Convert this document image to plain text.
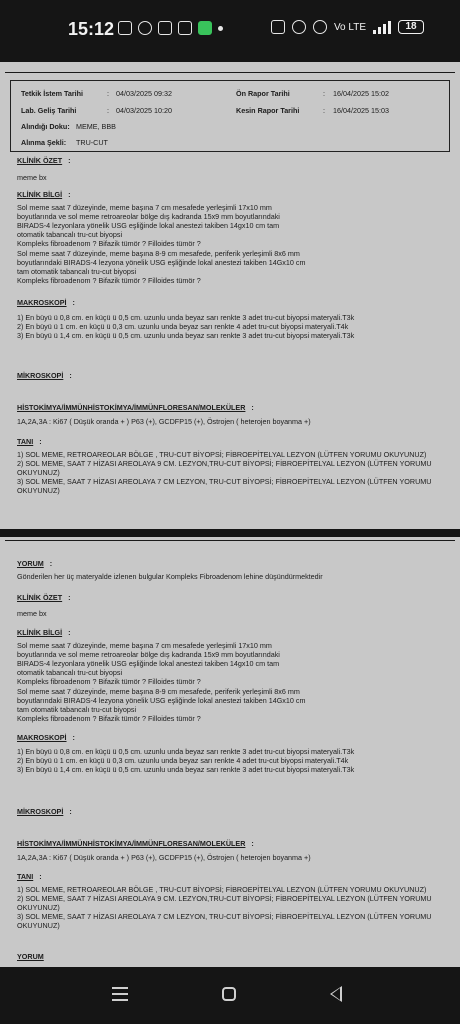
15:12	Vo LTE	18
Tetkik İstem Tarihi	: 04/03/2025 09:32	Ön Rapor Tarihi	: 16/04/2025 15:02
Lab. Geliş Tarihi	: 04/03/2025 10:20	Kesin Rapor Tarihi	: 16/04/2025 15:03
Alındığı Doku: MEME, BBB
Alınma Şekli: TRU-CUT
KLİNİK ÖZET :
meme bx
KLİNİK BİLGİ :
Sol meme saat 7 düzeyinde, meme başına 7 cm mesafede yerleşimli 17x10 mm
boyutlarında ve sol meme retroareolar bölge dış kadranda 15x9 mm boyutlarındaki
BIRADS-4 lezyonlara yönelik USG eşliğinde lokal anestezi takiben 14gx10 cm tam
otomatik tabancalı tru-cut biyopsi
Kompleks fibroadenom ? Bifazik tümör ? Filloides tümör ?
Sol meme saat 7 düzeyinde, meme başına 8-9 cm mesafede, periferik yerleşimli 8x6 mm
boyutlarındaki BIRADS-4 lezyona yönelik USG eşliğinde lokal anestezi takiben 14Gx10 cm
tam otomatik tabancalı tru-cut biyopsi
Kompleks fibroadenom ? Bifazik tümör ? Filloides tümör ?
MAKROSKOPİ :
1) En büyü ü 0,8 cm. en küçü ü 0,5 cm. uzunlu unda beyaz sarı renkte 3 adet tru-cut biyopsi materyali.T3k
2) En büyü ü 1 cm. en küçü ü 0,3 cm. uzunlu unda beyaz sarı renkte 4 adet tru-cut biyopsi materyali.T4k
3) En büyü ü 1,4 cm. en küçü ü 0,5 cm. uzunlu unda beyaz sarı renkte 3 adet tru-cut biyopsi materyali.T3k
MİKROSKOPİ :
HİSTOKİMYA/İMMÜNHİSTOKİMYA/İMMÜNFLORESAN/MOLEKÜLER :
1A,2A,3A : Ki67 ( Düşük oranda + ) P63 (+), GCDFP15 (+), Östrojen ( heterojen boyanma +)
TANI :
1) SOL MEME, RETROAREOLAR BÖLGE , TRU-CUT BİYOPSİ; FİBROEPİTELYAL LEZYON (LÜTFEN YORUMU OKUYUNUZ)
2) SOL MEME, SAAT 7 HİZASI AREOLAYA 9 CM. LEZYON,TRU-CUT BİYOPSİ; FİBROEPİTELYAL LEZYON (LÜTFEN YORUMU OKUYUNUZ)
3) SOL MEME, SAAT 7 HİZASI AREOLAYA 7 CM LEZYON, TRU-CUT BİYOPSİ; FİBROEPİTELYAL LEZYON (LÜTFEN YORUMU OKUYUNUZ)
YORUM :
Gönderilen her üç materyalde izlenen bulgular Kompleks Fibroadenom lehine düşündürmektedir
KLİNİK ÖZET :
meme bx
KLİNİK BİLGİ :
Sol meme saat 7 düzeyinde, meme başına 7 cm mesafede yerleşimli 17x10 mm
boyutlarında ve sol meme retroareolar bölge dış kadranda 15x9 mm boyutlarındaki
BIRADS-4 lezyonlara yönelik USG eşliğinde lokal anestezi takiben 14gx10 cm tam
otomatik tabancalı tru-cut biyopsi
Kompleks fibroadenom ? Bifazik tümör ? Filloides tümör ?
Sol meme saat 7 düzeyinde, meme başına 8-9 cm mesafede, periferik yerleşimli 8x6 mm
boyutlarındaki BIRADS-4 lezyona yönelik USG eşliğinde lokal anestezi takiben 14Gx10 cm
tam otomatik tabancalı tru-cut biyopsi
Kompleks fibroadenom ? Bifazik tümör ? Filloides tümör ?
MAKROSKOPİ :
1) En büyü ü 0,8 cm. en küçü ü 0,5 cm. uzunlu unda beyaz sarı renkte 3 adet tru-cut biyopsi materyali.T3k
2) En büyü ü 1 cm. en küçü ü 0,3 cm. uzunlu unda beyaz sarı renkte 4 adet tru-cut biyopsi materyali.T4k
3) En büyü ü 1,4 cm. en küçü ü 0,5 cm. uzunlu unda beyaz sarı renkte 3 adet tru-cut biyopsi materyali.T3k
MİKROSKOPİ :
HİSTOKİMYA/İMMÜNHİSTOKİMYA/İMMÜNFLORESAN/MOLEKÜLER :
1A,2A,3A : Ki67 ( Düşük oranda + ) P63 (+), GCDFP15 (+), Östrojen ( heterojen boyanma +)
TANI :
1) SOL MEME, RETROAREOLAR BÖLGE , TRU-CUT BİYOPSİ; FİBROEPİTELYAL LEZYON (LÜTFEN YORUMU OKUYUNUZ)
2) SOL MEME, SAAT 7 HİZASI AREOLAYA 9 CM. LEZYON,TRU-CUT BİYOPSİ; FİBROEPİTELYAL LEZYON (LÜTFEN YORUMU OKUYUNUZ)
3) SOL MEME, SAAT 7 HİZASI AREOLAYA 7 CM LEZYON, TRU-CUT BİYOPSİ; FİBROEPİTELYAL LEZYON (LÜTFEN YORUMU OKUYUNUZ)
YORUM
